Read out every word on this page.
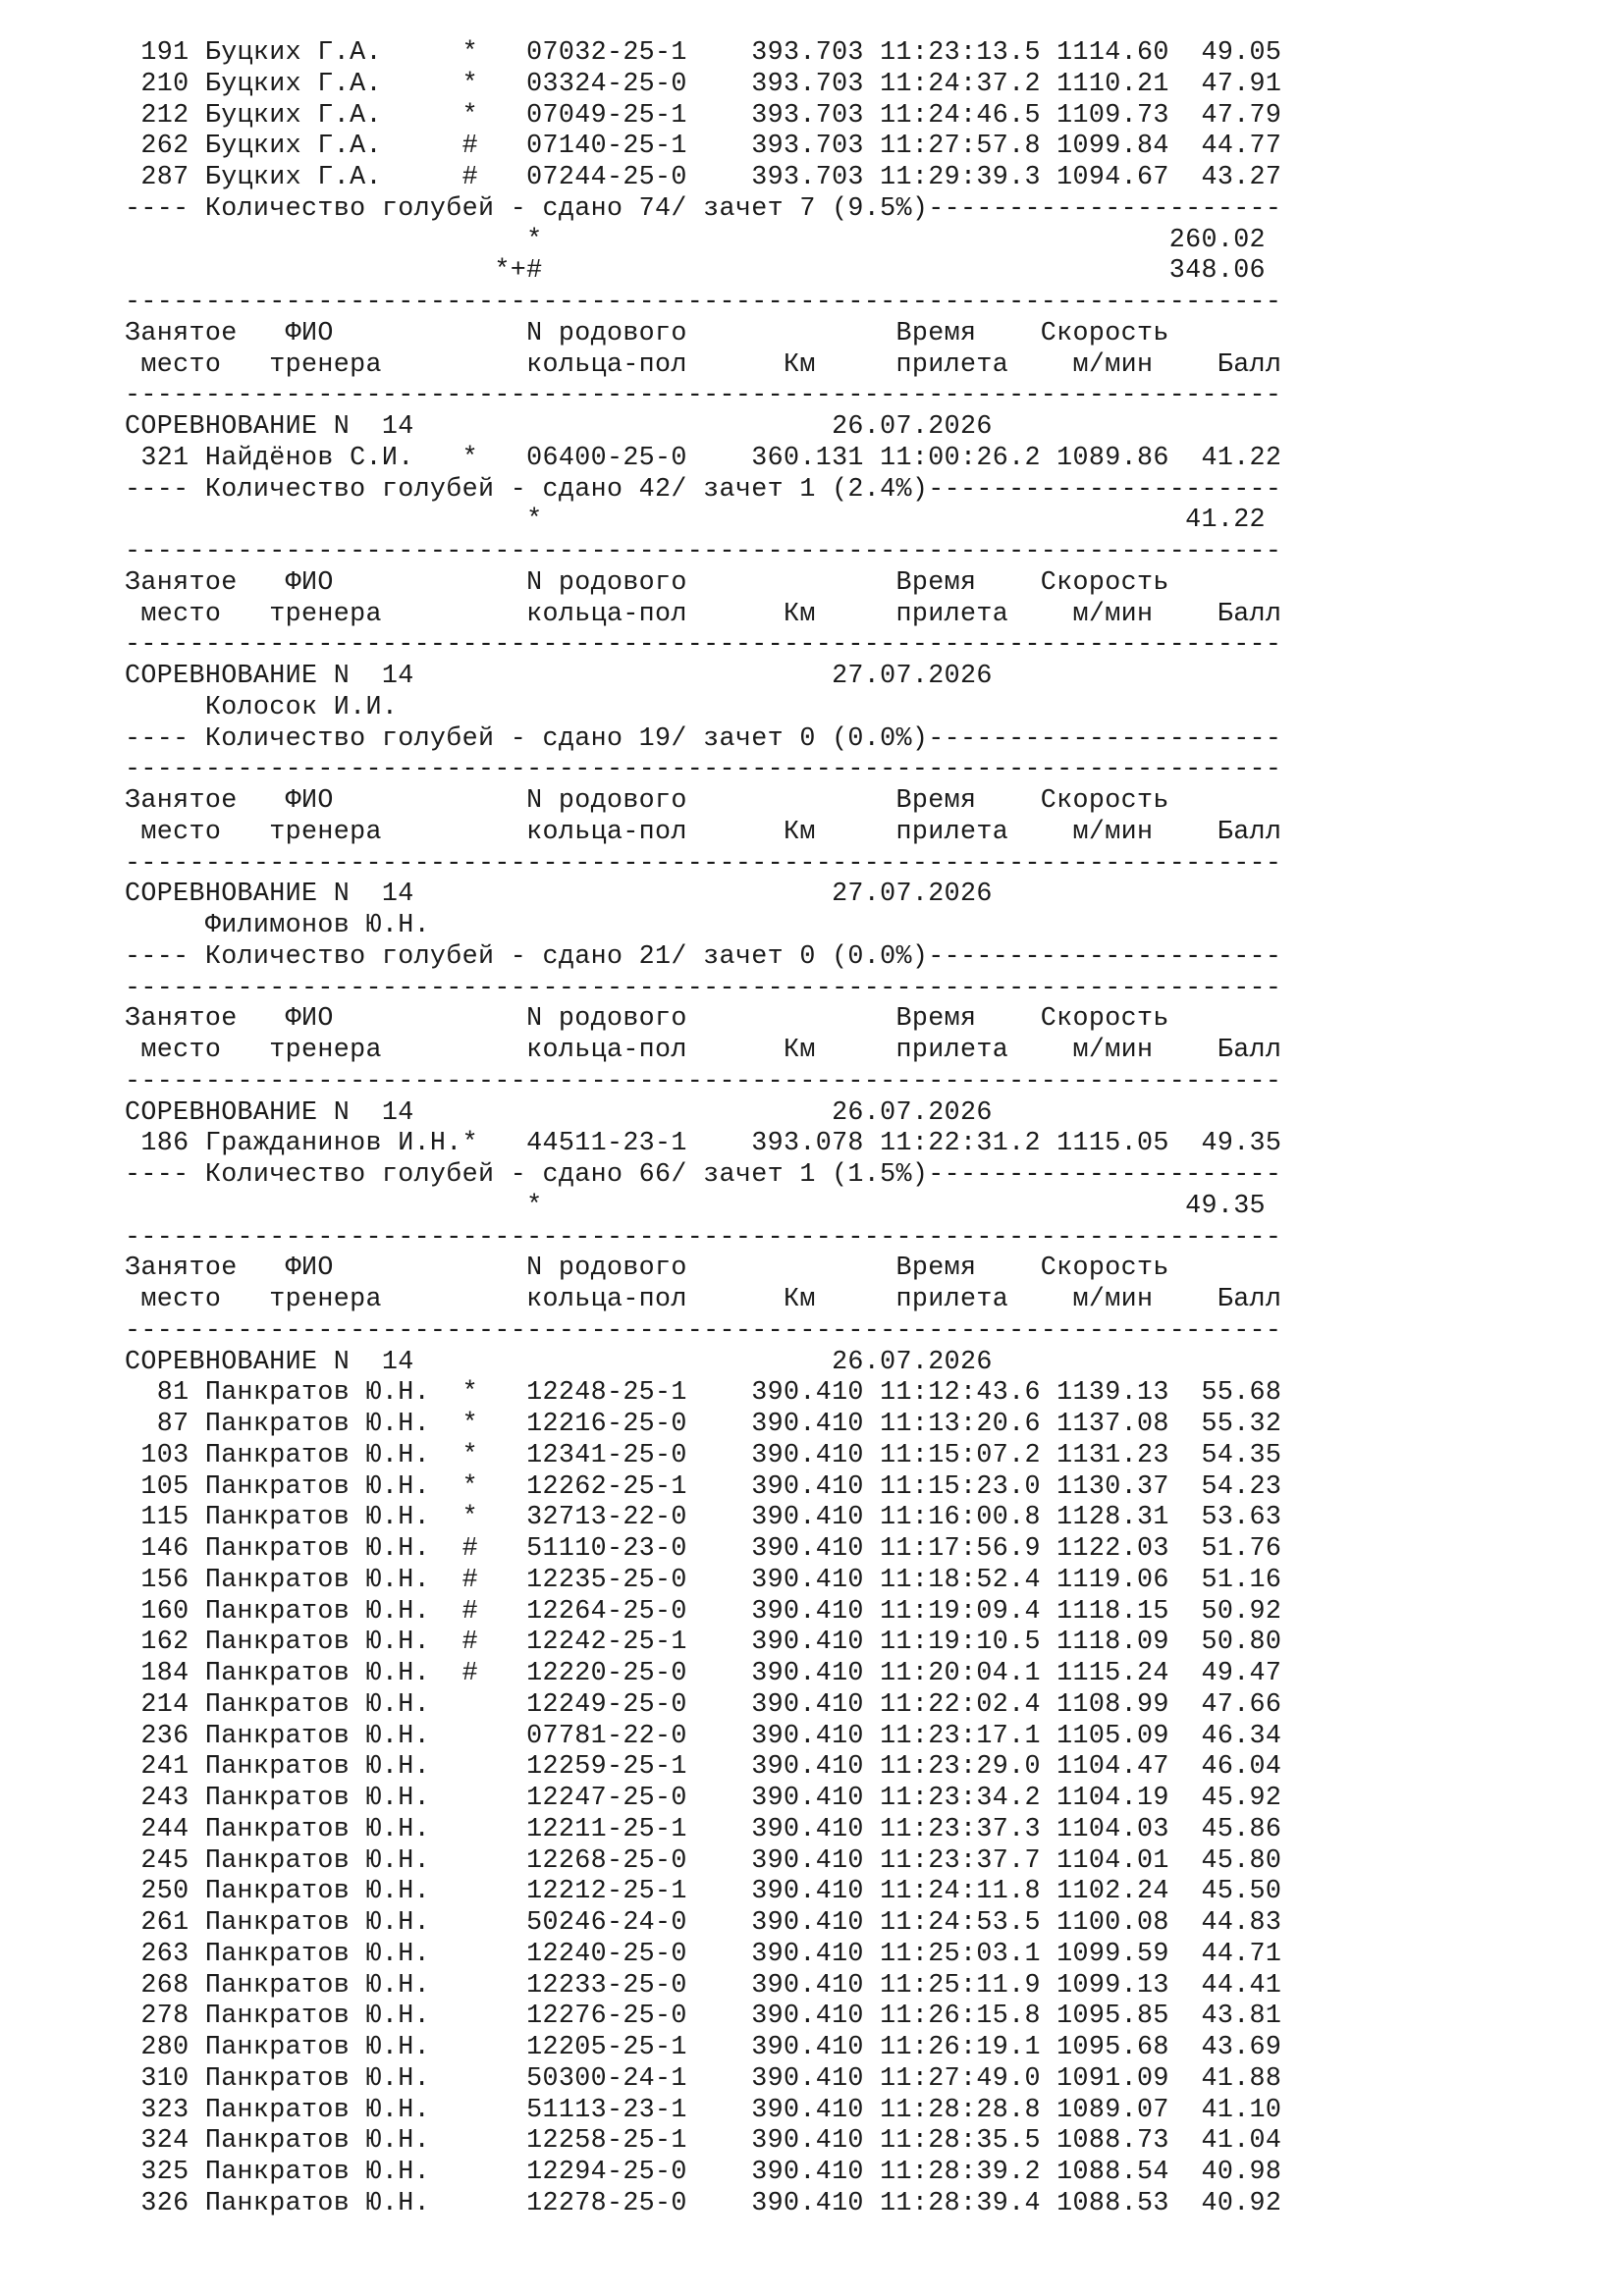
191 Буцких Г.А.     *   07032-25-1    393.703 11:23:13.5 1114.60  49.05
210 Буцких Г.А.     *   03324-25-0    393.703 11:24:37.2 1110.21  47.91
212 Буцких Г.А.     *   07049-25-1    393.703 11:24:46.5 1109.73  47.79
262 Буцких Г.А.     #   07140-25-1    393.703 11:27:57.8 1099.84  44.77
287 Буцких Г.А.     #   07244-25-0    393.703 11:29:39.3 1094.67  43.27
---- Количество голубей - сдано 74/ зачет 7 (9.5%)----------------------
*                                       260.02
*+#                                       348.06
------------------------------------------------------------------------
Занятое   ФИО            N родового             Время    Скорость
место   тренера         кольца-пол      Км     прилета    м/мин    Балл
------------------------------------------------------------------------
СОРЕВНОВАНИЕ N  14                          26.07.2026
321 Найдёнов С.И.   *   06400-25-0    360.131 11:00:26.2 1089.86  41.22
---- Количество голубей - сдано 42/ зачет 1 (2.4%)----------------------
*                                        41.22
------------------------------------------------------------------------
Занятое   ФИО            N родового             Время    Скорость
место   тренера         кольца-пол      Км     прилета    м/мин    Балл
------------------------------------------------------------------------
СОРЕВНОВАНИЕ N  14                          27.07.2026
Колосок И.И.
---- Количество голубей - сдано 19/ зачет 0 (0.0%)----------------------
------------------------------------------------------------------------
Занятое   ФИО            N родового             Время    Скорость
место   тренера         кольца-пол      Км     прилета    м/мин    Балл
------------------------------------------------------------------------
СОРЕВНОВАНИЕ N  14                          27.07.2026
Филимонов Ю.Н.
---- Количество голубей - сдано 21/ зачет 0 (0.0%)----------------------
------------------------------------------------------------------------
Занятое   ФИО            N родового             Время    Скорость
место   тренера         кольца-пол      Км     прилета    м/мин    Балл
------------------------------------------------------------------------
СОРЕВНОВАНИЕ N  14                          26.07.2026
186 Гражданинов И.Н.*   44511-23-1    393.078 11:22:31.2 1115.05  49.35
---- Количество голубей - сдано 66/ зачет 1 (1.5%)----------------------
*                                        49.35
------------------------------------------------------------------------
Занятое   ФИО            N родового             Время    Скорость
место   тренера         кольца-пол      Км     прилета    м/мин    Балл
------------------------------------------------------------------------
СОРЕВНОВАНИЕ N  14                          26.07.2026
81 Панкратов Ю.Н.  *   12248-25-1    390.410 11:12:43.6 1139.13  55.68
87 Панкратов Ю.Н.  *   12216-25-0    390.410 11:13:20.6 1137.08  55.32
103 Панкратов Ю.Н.  *   12341-25-0    390.410 11:15:07.2 1131.23  54.35
105 Панкратов Ю.Н.  *   12262-25-1    390.410 11:15:23.0 1130.37  54.23
115 Панкратов Ю.Н.  *   32713-22-0    390.410 11:16:00.8 1128.31  53.63
146 Панкратов Ю.Н.  #   51110-23-0    390.410 11:17:56.9 1122.03  51.76
156 Панкратов Ю.Н.  #   12235-25-0    390.410 11:18:52.4 1119.06  51.16
160 Панкратов Ю.Н.  #   12264-25-0    390.410 11:19:09.4 1118.15  50.92
162 Панкратов Ю.Н.  #   12242-25-1    390.410 11:19:10.5 1118.09  50.80
184 Панкратов Ю.Н.  #   12220-25-0    390.410 11:20:04.1 1115.24  49.47
214 Панкратов Ю.Н.      12249-25-0    390.410 11:22:02.4 1108.99  47.66
236 Панкратов Ю.Н.      07781-22-0    390.410 11:23:17.1 1105.09  46.34
241 Панкратов Ю.Н.      12259-25-1    390.410 11:23:29.0 1104.47  46.04
243 Панкратов Ю.Н.      12247-25-0    390.410 11:23:34.2 1104.19  45.92
244 Панкратов Ю.Н.      12211-25-1    390.410 11:23:37.3 1104.03  45.86
245 Панкратов Ю.Н.      12268-25-0    390.410 11:23:37.7 1104.01  45.80
250 Панкратов Ю.Н.      12212-25-1    390.410 11:24:11.8 1102.24  45.50
261 Панкратов Ю.Н.      50246-24-0    390.410 11:24:53.5 1100.08  44.83
263 Панкратов Ю.Н.      12240-25-0    390.410 11:25:03.1 1099.59  44.71
268 Панкратов Ю.Н.      12233-25-0    390.410 11:25:11.9 1099.13  44.41
278 Панкратов Ю.Н.      12276-25-0    390.410 11:26:15.8 1095.85  43.81
280 Панкратов Ю.Н.      12205-25-1    390.410 11:26:19.1 1095.68  43.69
310 Панкратов Ю.Н.      50300-24-1    390.410 11:27:49.0 1091.09  41.88
323 Панкратов Ю.Н.      51113-23-1    390.410 11:28:28.8 1089.07  41.10
324 Панкратов Ю.Н.      12258-25-1    390.410 11:28:35.5 1088.73  41.04
325 Панкратов Ю.Н.      12294-25-0    390.410 11:28:39.2 1088.54  40.98
326 Панкратов Ю.Н.      12278-25-0    390.410 11:28:39.4 1088.53  40.92
